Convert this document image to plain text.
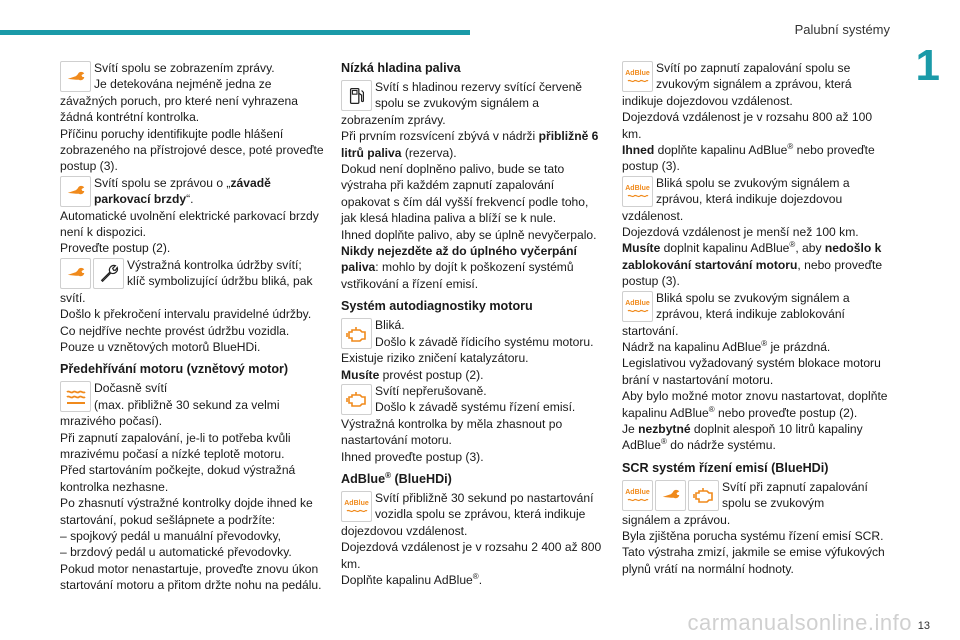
Palubní systémy
1

Svítí spolu se zobrazením zprávy.

Je detekována nejméně jedna ze

závažných poruch, pro které není vyhrazena žádná kontrétní kontrolka.
Příčinu poruchy identifikujte podle hlášení zobrazeného na přístrojové desce, poté proveďte postup (3).

Svítí spolu se zprávou o „závadě parkovací brzdy“.

Automatické uvolnění elektrické parkovací brzdy není k dispozici.
Proveďte postup (2).

Výstražná kontrolka údržby svítí;

klíč symbolizující údržbu bliká, pak

svítí.
Došlo k překročení intervalu pravidelné údržby.
Co nejdříve nechte provést údržbu vozidla.
Pouze u vznětových motorů BlueHDi.

Předehřívání motoru (vznětový motor)

Dočasně svítí

(max. přibližně 30 sekund za velmi

mrazivého počasí).
Při zapnutí zapalování, je-li to potřeba kvůli mrazivému počasí a nízké teplotě motoru.
Před startováním počkejte, dokud výstražná kontrolka nezhasne.
Po zhasnutí výstražné kontrolky dojde ihned ke startování, pokud sešlápnete a podržíte:
– spojkový pedál u manuální převodovky,
– brzdový pedál u automatické převodovky.
Pokud motor nenastartuje, proveďte znovu úkon startování motoru a přitom držte nohu na pedálu.

Nízká hladina paliva

Svítí s hladinou rezervy svítící červeně

spolu se zvukovým signálem a

zobrazením zprávy.
Při prvním rozsvícení zbývá v nádrži přibližně 6 litrů paliva (rezerva).
Dokud není doplněno palivo, bude se tato výstraha při každém zapnutí zapalování opakovat s čím dál vyšší frekvencí podle toho, jak klesá hladina paliva a blíží se k nule.
Ihned doplňte palivo, aby se úplně nevyčerpalo.
Nikdy nejezděte až do úplného vyčerpání paliva: mohlo by dojít k poškození systémů vstřikování a řízení emisí.

Systém autodiagnostiky motoru

Bliká.

Došlo k závadě řídicího systému motoru.

Existuje riziko zničení katalyzátoru.

Musíte provést postup (2).

Svítí nepřerušovaně.

Došlo k závadě systému řízení emisí.

Výstražná kontrolka by měla zhasnout po nastartování motoru.
Ihned proveďte postup (3).

AdBlue® (BlueHDi)
AdBlue Svítí přibližně 30 sekund po nastartování

vozidla spolu se zprávou, která indikuje

dojezdovou vzdálenost.
Dojezdová vzdálenost je v rozsahu 2 400 až 800 km.
Doplňte kapalinu AdBlue®.

AdBlue Svítí po zapnutí zapalování spolu se

zvukovým signálem a zprávou, která

indikuje dojezdovou vzdálenost.
Dojezdová vzdálenost je v rozsahu 800 až 100 km.

Ihned doplňte kapalinu AdBlue® nebo proveďte postup (3).

AdBlue Bliká spolu se zvukovým signálem a

zprávou, která indikuje dojezdovou

vzdálenost.
Dojezdová vzdálenost je menší než 100 km.

Musíte doplnit kapalinu AdBlue®, aby nedošlo k zablokování startování motoru, nebo proveďte postup (3).

AdBlue Bliká spolu se zvukovým signálem a

zprávou, která indikuje zablokování

startování.
Nádrž na kapalinu AdBlue® je prázdná.
Legislativou vyžadovaný systém blokace motoru brání v nastartování motoru.
Aby bylo možné motor znovu nastartovat, doplňte kapalinu AdBlue® nebo proveďte postup (2).
Je nezbytné doplnit alespoň 10 litrů kapaliny AdBlue® do nádrže systému.

SCR systém řízení emisí (BlueHDi)
AdBlue	Svítí při zapnutí zapalování

spolu se zvukovým

signálem a zprávou.
Byla zjištěna porucha systému řízení emisí SCR.
Tato výstraha zmizí, jakmile se emise výfukových plynů vrátí na normální hodnoty.

carmanualsonline.info 13
